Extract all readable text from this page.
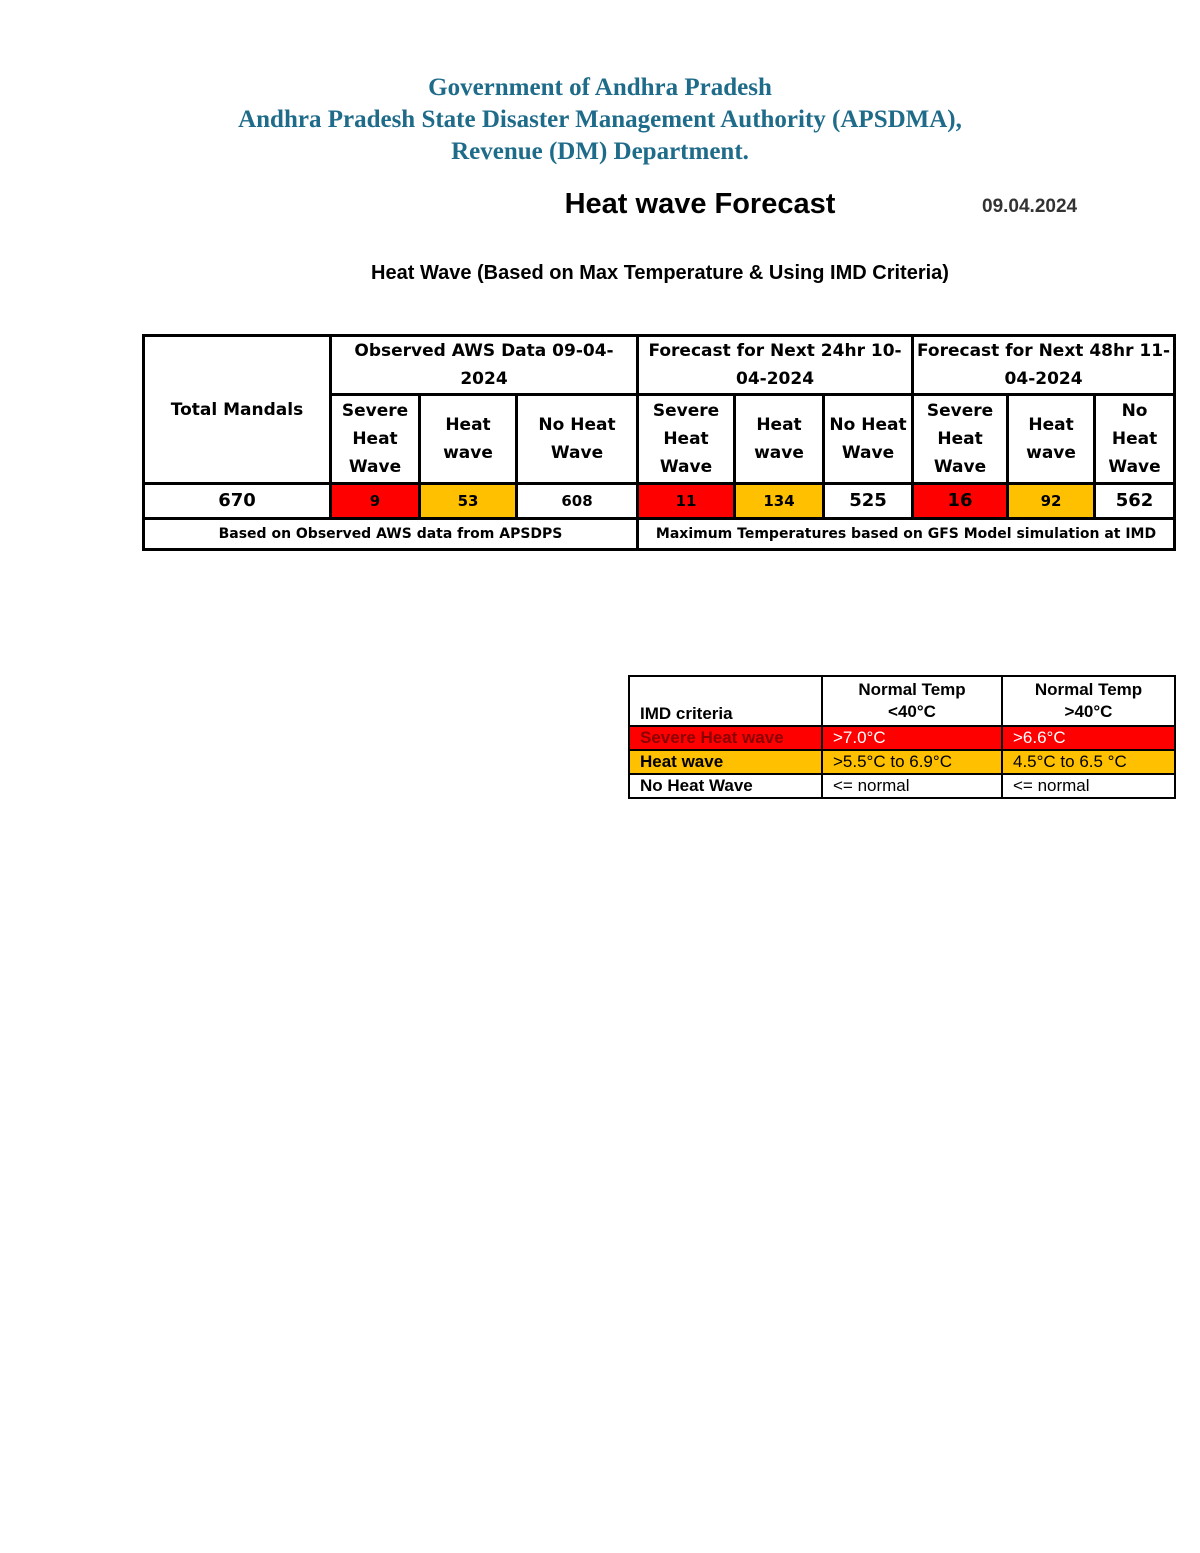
Government of Andhra Pradesh
Andhra Pradesh State Disaster Management Authority (APSDMA),
Revenue (DM) Department.
Heat wave Forecast	09.04.2024
Heat Wave (Based on Max Temperature & Using IMD Criteria)
Total Mandals	Observed AWS Data 09-04-2024			Forecast for Next 24hr 10-04-2024			Forecast for Next 48hr 11-04-2024		
	Severe Heat Wave	Heat wave	No Heat Wave	Severe Heat Wave	Heat wave	No Heat Wave	Severe Heat Wave	Heat wave	No Heat Wave
670	9	53	608	11	134	525	16	92	562
Based on Observed AWS data from APSDPS				Maximum Temperatures based on GFS Model simulation at IMD					
IMD criteria	Normal Temp <40°C	Normal Temp >40°C
Severe Heat wave	>7.0°C	>6.6°C
Heat wave	>5.5°C to 6.9°C	4.5°C to 6.5 °C
No Heat Wave	<= normal	<= normal
